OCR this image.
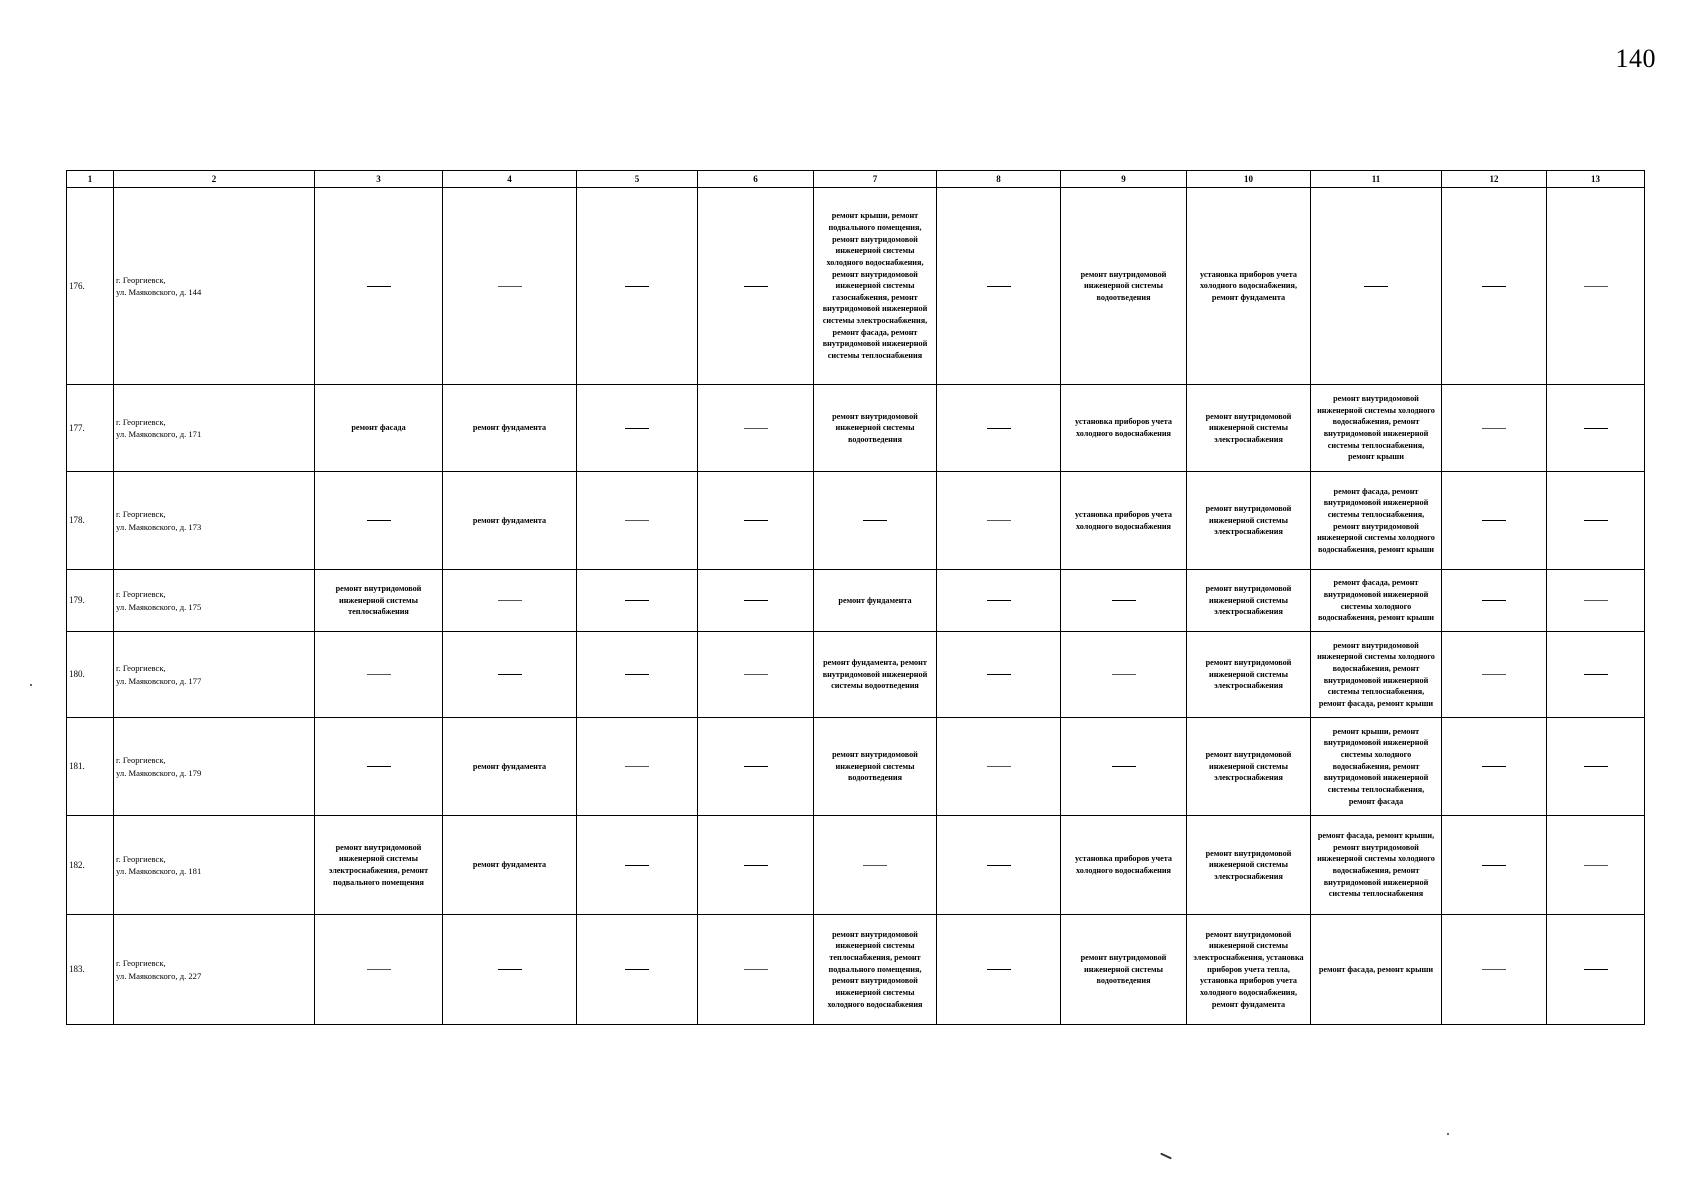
140
1	2	3	4	5	6	7	8	9	10	11	12	13
176.	г. Георгиевск,
ул. Маяковского, д. 144					ремонт крыши, ремонт подвального помещения, ремонт внутридомовой инженерной системы холодного водоснабжения, ремонт внутридомовой инженерной системы газоснабжения, ремонт внутридомовой инженерной системы электроснабжения, ремонт фасада, ремонт внутридомовой инженерной системы теплоснабжения		ремонт внутридомовой инженерной системы водоотведения	установка приборов учета холодного водоснабжения, ремонт фундамента			
177.	г. Георгиевск,
ул. Маяковского, д. 171	ремонт фасада	ремонт фундамента			ремонт внутридомовой инженерной системы водоотведения		установка приборов учета холодного водоснабжения	ремонт внутридомовой инженерной системы электроснабжения	ремонт внутридомовой инженерной системы холодного водоснабжения, ремонт внутридомовой инженерной системы теплоснабжения, ремонт крыши		
178.	г. Георгиевск,
ул. Маяковского, д. 173		ремонт фундамента					установка приборов учета холодного водоснабжения	ремонт внутридомовой инженерной системы электроснабжения	ремонт фасада, ремонт внутридомовой инженерной системы теплоснабжения, ремонт внутридомовой инженерной системы холодного водоснабжения, ремонт крыши		
179.	г. Георгиевск,
ул. Маяковского, д. 175	ремонт внутридомовой инженерной системы теплоснабжения				ремонт фундамента			ремонт внутридомовой инженерной системы электроснабжения	ремонт фасада, ремонт внутридомовой инженерной системы холодного водоснабжения, ремонт крыши		
180.	г. Георгиевск,
ул. Маяковского, д. 177					ремонт фундамента, ремонт внутридомовой инженерной системы водоотведения			ремонт внутридомовой инженерной системы электроснабжения	ремонт внутридомовой инженерной системы холодного водоснабжения, ремонт внутридомовой инженерной системы теплоснабжения, ремонт фасада, ремонт крыши		
181.	г. Георгиевск,
ул. Маяковского, д. 179		ремонт фундамента			ремонт внутридомовой инженерной системы водоотведения			ремонт внутридомовой инженерной системы электроснабжения	ремонт крыши, ремонт внутридомовой инженерной системы холодного водоснабжения, ремонт внутридомовой инженерной системы теплоснабжения, ремонт фасада		
182.	г. Георгиевск,
ул. Маяковского, д. 181	ремонт внутридомовой инженерной системы электроснабжения, ремонт подвального помещения	ремонт фундамента					установка приборов учета холодного водоснабжения	ремонт внутридомовой инженерной системы электроснабжения	ремонт фасада, ремонт крыши, ремонт внутридомовой инженерной системы холодного водоснабжения, ремонт внутридомовой инженерной системы теплоснабжения		
183.	г. Георгиевск,
ул. Маяковского, д. 227					ремонт внутридомовой инженерной системы теплоснабжения, ремонт подвального помещения, ремонт внутридомовой инженерной системы холодного водоснабжения		ремонт внутридомовой инженерной системы водоотведения	ремонт внутридомовой инженерной системы электроснабжения, установка приборов учета тепла, установка приборов учета холодного водоснабжения, ремонт фундамента	ремонт фасада, ремонт крыши		
